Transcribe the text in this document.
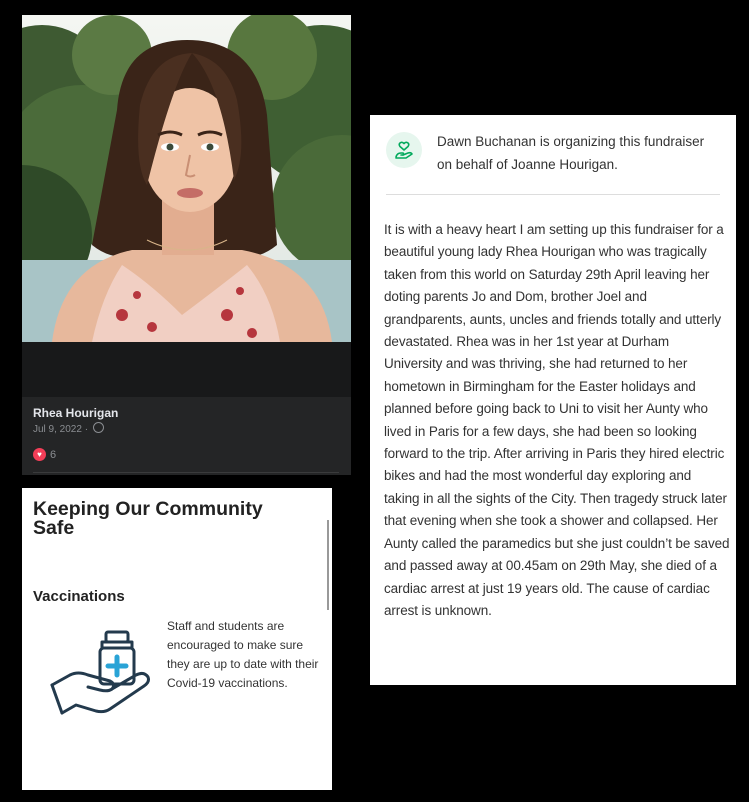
Rhea Hourigan
Jul 9, 2022 ·
♥ 6
Keeping Our Community Safe
Vaccinations
Staff and students are encouraged to make sure they are up to date with their Covid-19 vaccinations.
Dawn Buchanan is organizing this fundraiser on behalf of Joanne Hourigan.

It is with a heavy heart I am setting up this fundraiser for a beautiful young lady Rhea Hourigan who was tragically taken from this world on Saturday 29th April leaving her doting parents Jo and Dom, brother Joel and grandparents, aunts, uncles and friends totally and utterly devastated. Rhea was in her 1st year at Durham University and was thriving, she had returned to her hometown in Birmingham for the Easter holidays and planned before going back to Uni to visit her Aunty who lived in Paris for a few days, she had been so looking forward to the trip. After arriving in Paris they hired electric bikes and had the most wonderful day exploring and taking in all the sights of the City. Then tragedy struck later that evening when she took a shower and collapsed. Her Aunty called the paramedics but she just couldn’t be saved and passed away at 00.45am on 29th May, she died of a cardiac arrest at just 19 years old. The cause of cardiac arrest is unknown.
